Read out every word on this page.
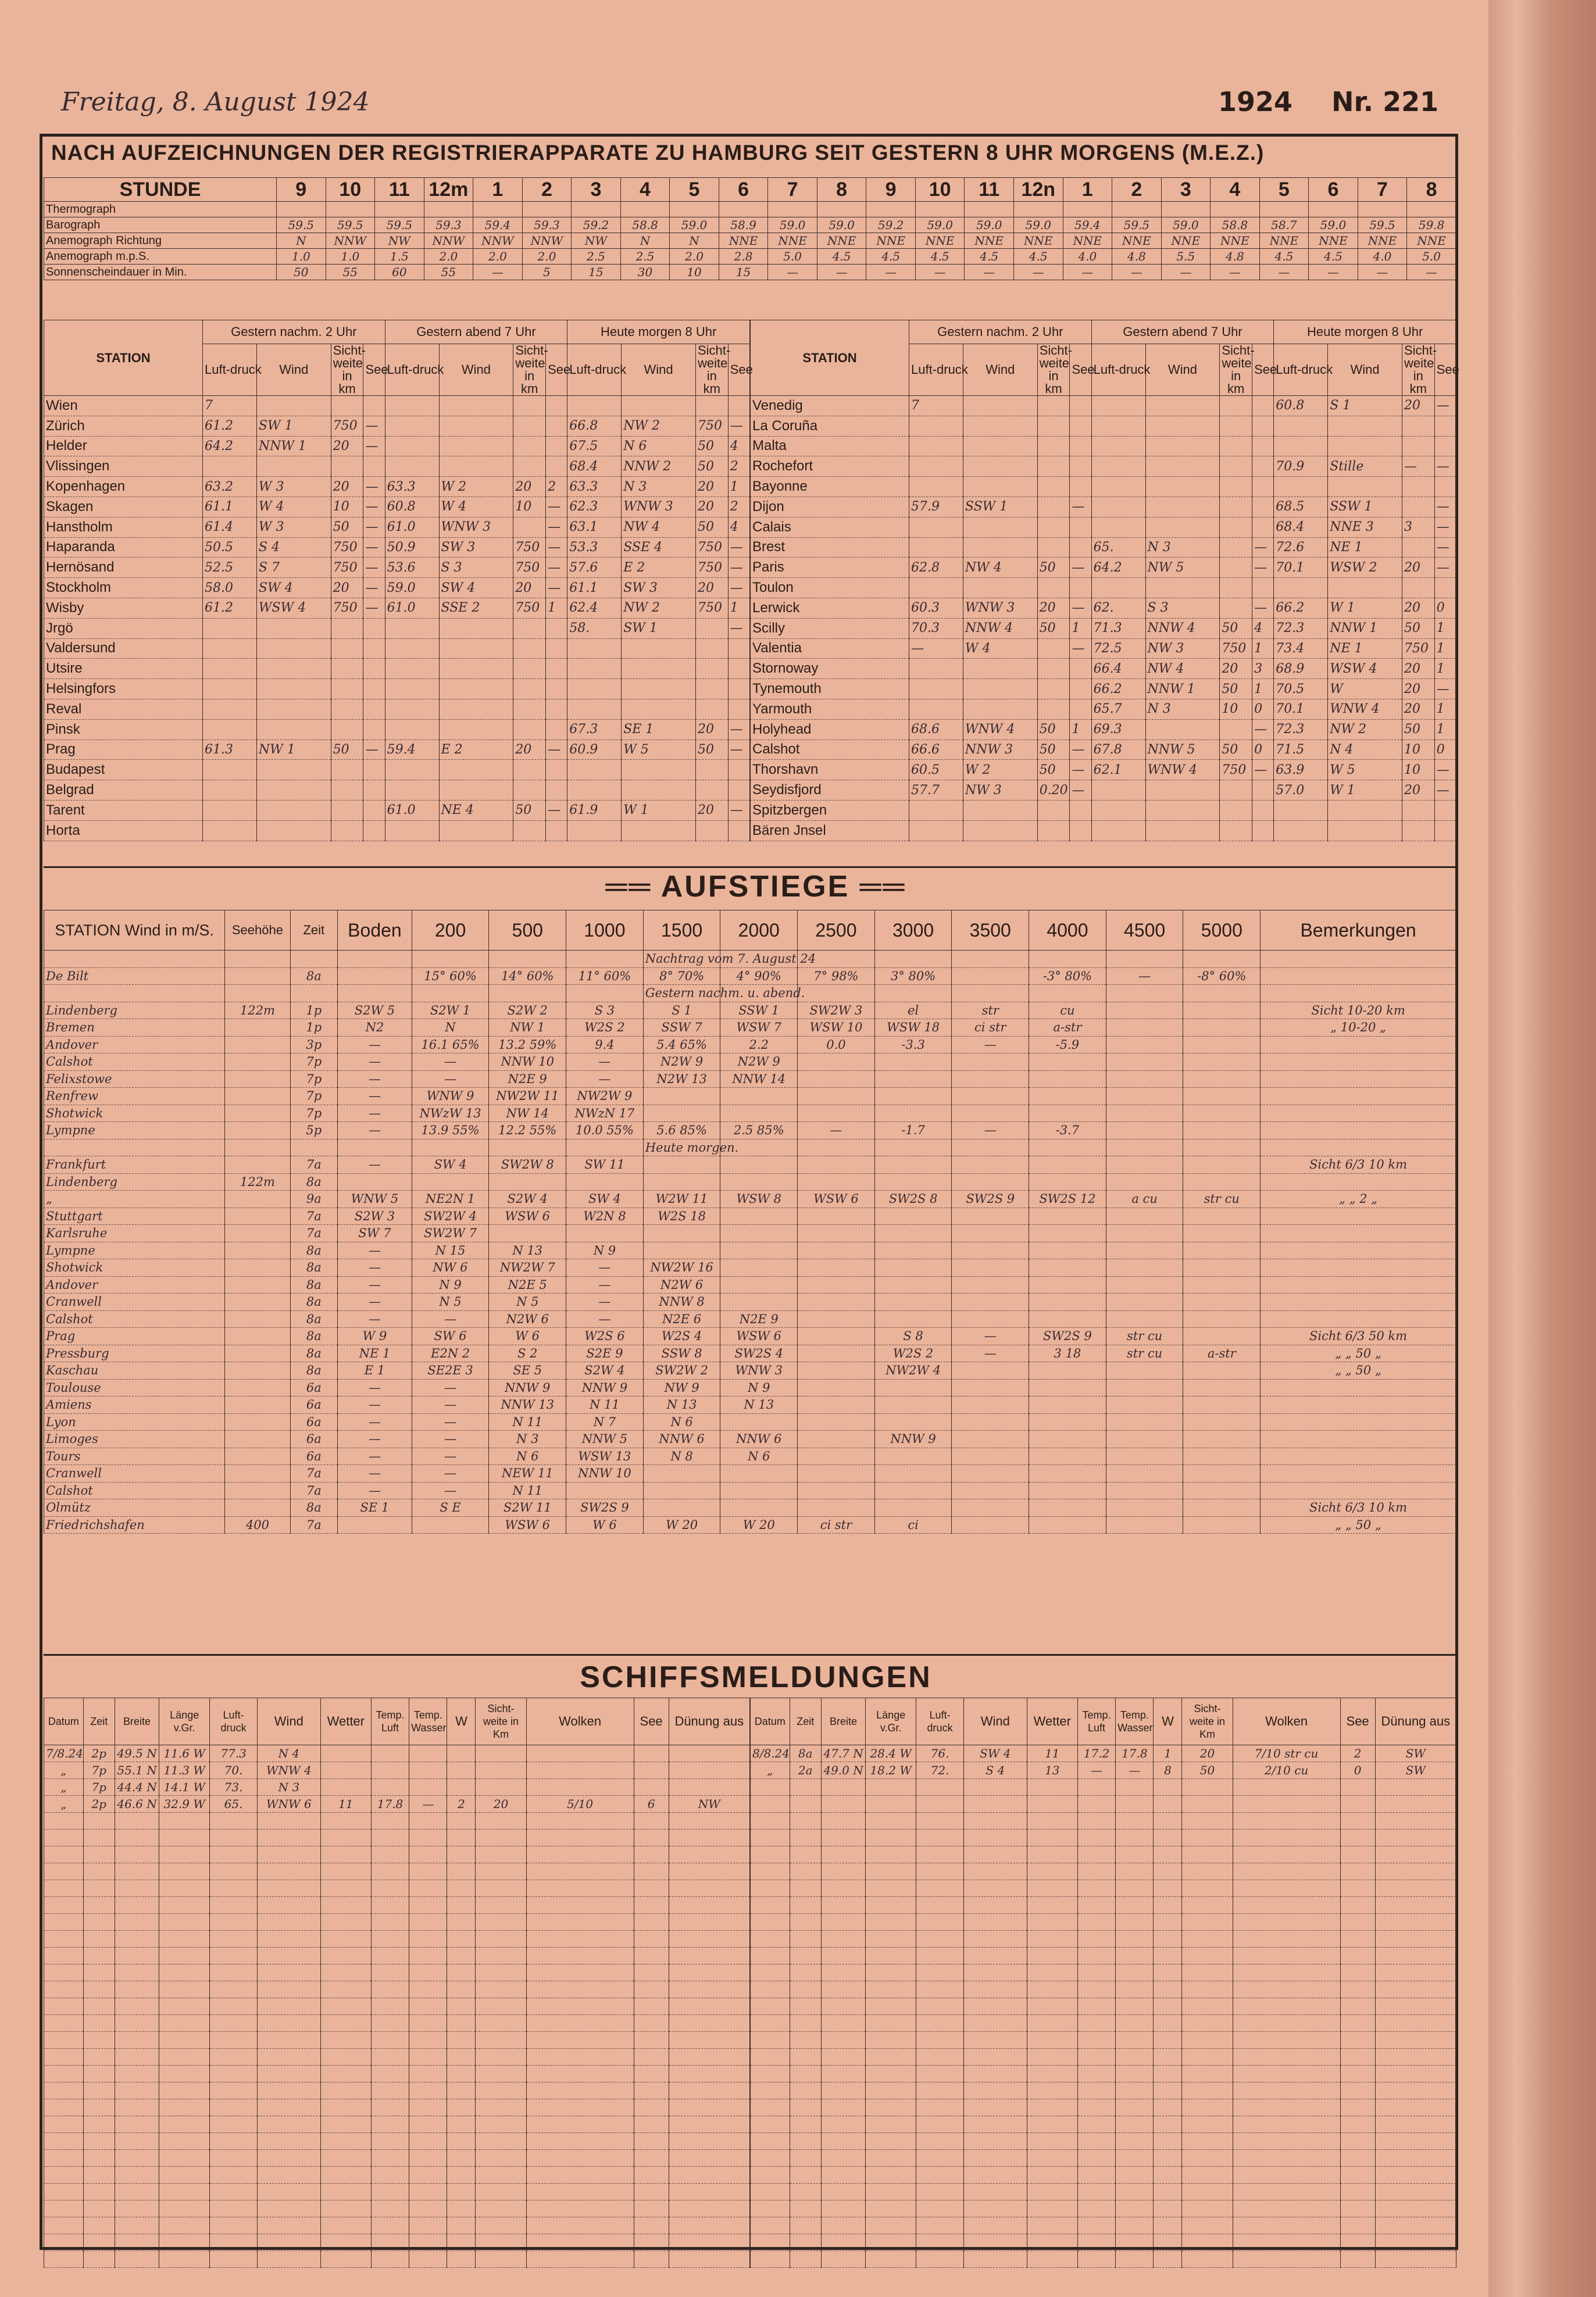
Freitag, 8. August 1924	1924 Nr. 221
NACH AUFZEICHNUNGEN DER REGISTRIERAPPARATE ZU HAMBURG SEIT GESTERN 8 UHR MORGENS (M.E.Z.)
STUNDE	9	10	11	12m	1	2	3	4	5	6	7	8	9	10	11	12n	1	2	3	4	5	6	7	8
Thermograph																								
Barograph	59.5	59.5	59.5	59.3	59.4	59.3	59.2	58.8	59.0	58.9	59.0	59.0	59.2	59.0	59.0	59.0	59.4	59.5	59.0	58.8	58.7	59.0	59.5	59.8
Anemograph Richtung	N	NNW	NW	NNW	NNW	NNW	NW	N	N	NNE	NNE	NNE	NNE	NNE	NNE	NNE	NNE	NNE	NNE	NNE	NNE	NNE	NNE	NNE
Anemograph m.p.S.	1.0	1.0	1.5	2.0	2.0	2.0	2.5	2.5	2.0	2.8	5.0	4.5	4.5	4.5	4.5	4.5	4.0	4.8	5.5	4.8	4.5	4.5	4.0	5.0
Sonnenscheindauer in Min.	50	55	60	55	—	5	15	30	10	15	—	—	—	—	—	—	—	—	—	—	—	—	—	—
STATION	Gestern nachm. 2 Uhr				Gestern abend 7 Uhr				Heute morgen 8 Uhr			
	Luft-druck	Wind	Sicht-weite in km	See	Luft-druck	Wind	Sicht-weite in km	See	Luft-druck	Wind	Sicht-weite in km	See
Wien	7											
Zürich	61.2	SW 1	750	—					66.8	NW 2	750	—
Helder	64.2	NNW 1	20	—					67.5	N 6	50	4
Vlissingen									68.4	NNW 2	50	2
Kopenhagen	63.2	W 3	20	—	63.3	W 2	20	2	63.3	N 3	20	1
Skagen	61.1	W 4	10	—	60.8	W 4	10	—	62.3	WNW 3	20	2
Hanstholm	61.4	W 3	50	—	61.0	WNW 3		—	63.1	NW 4	50	4
Haparanda	50.5	S 4	750	—	50.9	SW 3	750	—	53.3	SSE 4	750	—
Hernösand	52.5	S 7	750	—	53.6	S 3	750	—	57.6	E 2	750	—
Stockholm	58.0	SW 4	20	—	59.0	SW 4	20	—	61.1	SW 3	20	—
Wisby	61.2	WSW 4	750	—	61.0	SSE 2	750	1	62.4	NW 2	750	1
Jrgö									58.	SW 1		—
Valdersund												
Utsire												
Helsingfors												
Reval												
Pinsk									67.3	SE 1	20	—
Prag	61.3	NW 1	50	—	59.4	E 2	20	—	60.9	W 5	50	—
Budapest												
Belgrad												
Tarent					61.0	NE 4	50	—	61.9	W 1	20	—
Horta												
STATION	Gestern nachm. 2 Uhr				Gestern abend 7 Uhr				Heute morgen 8 Uhr			
	Luft-druck	Wind	Sicht-weite in km	See	Luft-druck	Wind	Sicht-weite in km	See	Luft-druck	Wind	Sicht-weite in km	See
Venedig	7								60.8	S 1	20	—
La Coruña												
Malta												
Rochefort									70.9	Stille	—	—
Bayonne												
Dijon	57.9	SSW 1		—					68.5	SSW 1		—
Calais									68.4	NNE 3	3	—
Brest					65.	N 3		—	72.6	NE 1		—
Paris	62.8	NW 4	50	—	64.2	NW 5		—	70.1	WSW 2	20	—
Toulon												
Lerwick	60.3	WNW 3	20	—	62.	S 3		—	66.2	W 1	20	0
Scilly	70.3	NNW 4	50	1	71.3	NNW 4	50	4	72.3	NNW 1	50	1
Valentia	—	W 4		—	72.5	NW 3	750	1	73.4	NE 1	750	1
Stornoway					66.4	NW 4	20	3	68.9	WSW 4	20	1
Tynemouth					66.2	NNW 1	50	1	70.5	W	20	—
Yarmouth					65.7	N 3	10	0	70.1	WNW 4	20	1
Holyhead	68.6	WNW 4	50	1	69.3			—	72.3	NW 2	50	1
Calshot	66.6	NNW 3	50	—	67.8	NNW 5	50	0	71.5	N 4	10	0
Thorshavn	60.5	W 2	50	—	62.1	WNW 4	750	—	63.9	W 5	10	—
Seydisfjord	57.7	NW 3	0.20	—					57.0	W 1	20	—
Spitzbergen												
Bären Jnsel												
══ AUFSTIEGE ══
STATION Wind in m/S.	Seehöhe	Zeit	Boden	200	500	1000	1500	2000	2500	3000	3500	4000	4500	5000	Bemerkungen
							Nachtrag vom 7. August 24								
De Bilt		8a		15° 60%	14° 60%	11° 60%	8° 70%	4° 90%	7° 98%	3° 80%		-3° 80%	—	-8° 60%	
							Gestern nachm. u. abend.								
Lindenberg	122m	1p	S2W 5	S2W 1	S2W 2	S 3	S 1	SSW 1	SW2W 3	el	str	cu			Sicht 10-20 km
Bremen		1p	N2	N	NW 1	W2S 2	SSW 7	WSW 7	WSW 10	WSW 18	ci str	a-str			„ 10-20 „
Andover		3p	—	16.1 65%	13.2 59%	9.4	5.4 65%	2.2	0.0	-3.3	—	-5.9			
Calshot		7p	—	—	NNW 10	—	N2W 9	N2W 9							
Felixstowe		7p	—	—	N2E 9	—	N2W 13	NNW 14							
Renfrew		7p	—	WNW 9	NW2W 11	NW2W 9									
Shotwick		7p	—	NWzW 13	NW 14	NWzN 17									
Lympne		5p	—	13.9 55%	12.2 55%	10.0 55%	5.6 85%	2.5 85%	—	-1.7	—	-3.7			
							Heute morgen.								
Frankfurt		7a	—	SW 4	SW2W 8	SW 11									Sicht 6/3 10 km
Lindenberg	122m	8a													
„		9a	WNW 5	NE2N 1	S2W 4	SW 4	W2W 11	WSW 8	WSW 6	SW2S 8	SW2S 9	SW2S 12	a cu	str cu	„ „ 2 „
Stuttgart		7a	S2W 3	SW2W 4	WSW 6	W2N 8	W2S 18								
Karlsruhe		7a	SW 7	SW2W 7											
Lympne		8a	—	N 15	N 13	N 9									
Shotwick		8a	—	NW 6	NW2W 7	—	NW2W 16								
Andover		8a	—	N 9	N2E 5	—	N2W 6								
Cranwell		8a	—	N 5	N 5	—	NNW 8								
Calshot		8a	—	—	N2W 6	—	N2E 6	N2E 9							
Prag		8a	W 9	SW 6	W 6	W2S 6	W2S 4	WSW 6		S 8	—	SW2S 9	str cu		Sicht 6/3 50 km
Pressburg		8a	NE 1	E2N 2	S 2	S2E 9	SSW 8	SW2S 4		W2S 2	—	3 18	str cu	a-str	„ „ 50 „
Kaschau		8a	E 1	SE2E 3	SE 5	S2W 4	SW2W 2	WNW 3		NW2W 4					„ „ 50 „
Toulouse		6a	—	—	NNW 9	NNW 9	NW 9	N 9							
Amiens		6a	—	—	NNW 13	N 11	N 13	N 13							
Lyon		6a	—	—	N 11	N 7	N 6								
Limoges		6a	—	—	N 3	NNW 5	NNW 6	NNW 6		NNW 9					
Tours		6a	—	—	N 6	WSW 13	N 8	N 6							
Cranwell		7a	—	—	NEW 11	NNW 10									
Calshot		7a	—	—	N 11										
Olmütz		8a	SE 1	S E	S2W 11	SW2S 9									Sicht 6/3 10 km
Friedrichshafen	400	7a			WSW 6	W 6	W 20	W 20	ci str	ci					„ „ 50 „
SCHIFFSMELDUNGEN
Datum	Zeit	Breite	Länge v.Gr.	Luft-druck	Wind	Wetter	Temp. Luft	Temp. Wasser	W	Sicht-weite in Km	Wolken	See	Dünung aus
7/8.24	2p	49.5 N	11.6 W	77.3	N 4								
„	7p	55.1 N	11.3 W	70.	WNW 4								
„	7p	44.4 N	14.1 W	73.	N 3								
„	2p	46.6 N	32.9 W	65.	WNW 6	11	17.8	—	2	20	5/10	6	NW

Datum	Zeit	Breite	Länge v.Gr.	Luft-druck	Wind	Wetter	Temp. Luft	Temp. Wasser	W	Sicht-weite in Km	Wolken	See	Dünung aus
8/8.24	8a	47.7 N	28.4 W	76.	SW 4	11	17.2	17.8	1	20	7/10 str cu	2	SW
„	2a	49.0 N	18.2 W	72.	S 4	13	—	—	8	50	2/10 cu	0	SW
